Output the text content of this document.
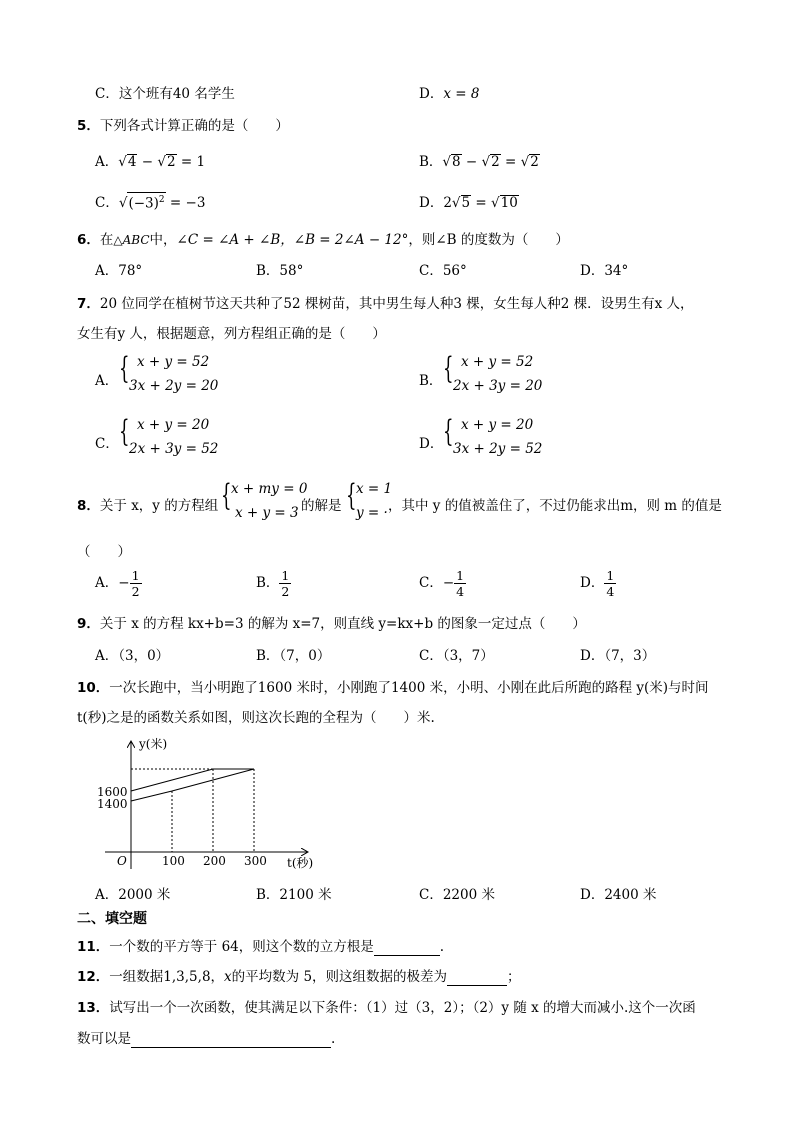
C．这个班有40 名学生	D．x = 8
5．下列各式计算正确的是（　　）
A．√4 − √2 = 1	B．√8 − √2 = √2
C．$√(-3)^2 = -3$	D．2√5 = √10
6．在△ABC中，∠C = ∠A + ∠B，∠B = 2∠A − 12°，则∠B 的度数为（　　）
A．78°	B．58°	C．56°	D．34°
7．20 位同学在植树节这天共种了52 棵树苗，其中男生每人种3 棵，女生每人种2 棵．设男生有x 人，
女生有y 人，根据题意，列方程组正确的是（　　）
A． { x + y = 52
3x + 2y = 20	B． { x + y = 52
2x + 3y = 20
C． { x + y = 20
2x + 3y = 52	D． { x + y = 20
3x + 2y = 52
8．关于 x，y 的方程组 { x + my = 0
x + y = 3 的解是 { x = 1
y = · ，其中 y 的值被盖住了，不过仍能求出m，则 m 的值是
（　　）
A．− $\frac{1}{2}$	B． $\frac{1}{2}$	C．− $\frac{1}{4}$	D． $\frac{1}{4}$
9．关于 x 的方程 kx+b=3 的解为 x=7，则直线 y=kx+b 的图象一定过点（　　）
A．（3，0）	B．（7，0）	C．（3，7）	D．（7，3）
10．一次长跑中，当小明跑了1600 米时，小刚跑了1400 米，小明、小刚在此后所跑的路程 y(米)与时间
t(秒)之是的函数关系如图，则这次长跑的全程为（　　）米.
y(米)
t(秒)
O	100 200 300
1600
1400
A．2000 米	B．2100 米	C．2200 米	D．2400 米
二、填空题
11．一个数的平方等于 64，则这个数的立方根是	.
12．一组数据1,3,5,8，x的平均数为 5，则这组数据的极差为	；
13．试写出一个一次函数，使其满足以下条件：（1）过（3，2）；（2）y 随 x 的增大而减小.这个一次函
数可以是	.
